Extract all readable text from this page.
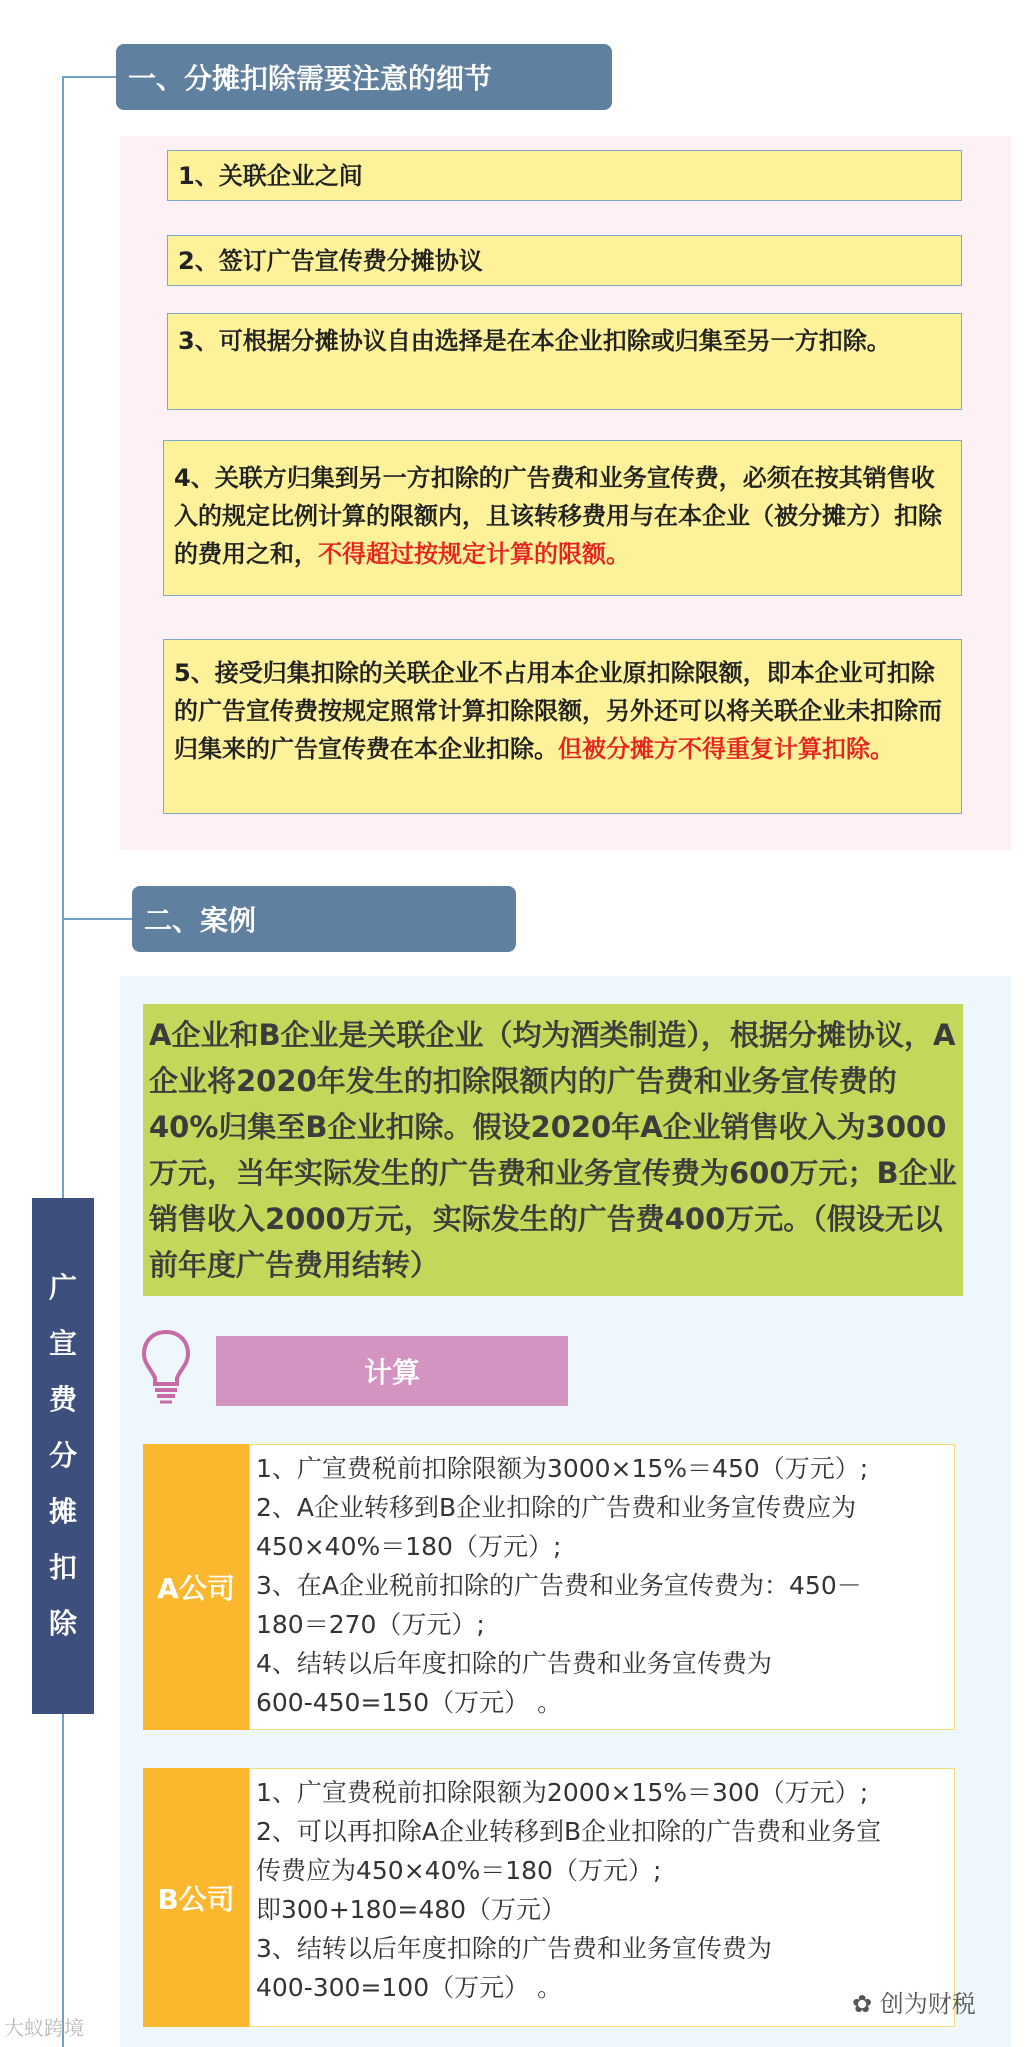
一、分摊扣除需要注意的细节
1、关联企业之间
2、签订广告宣传费分摊协议
3、可根据分摊协议自由选择是在本企业扣除或归集至另一方扣除。
4、关联方归集到另一方扣除的广告费和业务宣传费，必须在按其销售收入的规定比例计算的限额内，且该转移费用与在本企业（被分摊方）扣除的费用之和，不得超过按规定计算的限额。
5、接受归集扣除的关联企业不占用本企业原扣除限额，即本企业可扣除的广告宣传费按规定照常计算扣除限额，另外还可以将关联企业未扣除而归集来的广告宣传费在本企业扣除。但被分摊方不得重复计算扣除。
二、案例
A企业和B企业是关联企业（均为酒类制造），根据分摊协议，A企业将2020年发生的扣除限额内的广告费和业务宣传费的40%归集至B企业扣除。假设2020年A企业销售收入为3000万元，当年实际发生的广告费和业务宣传费为600万元；B企业销售收入2000万元，实际发生的广告费400万元。（假设无以前年度广告费用结转）
计算
A公司
1、广宣费税前扣除限额为3000×15%＝450（万元）;
2、A企业转移到B企业扣除的广告费和业务宣传费应为
450×40%＝180（万元）;
3、在A企业税前扣除的广告费和业务宣传费为：450－
180＝270（万元）;
4、结转以后年度扣除的广告费和业务宣传费为
600-450=150（万元） 。
B公司
1、广宣费税前扣除限额为2000×15%＝300（万元）;
2、可以再扣除A企业转移到B企业扣除的广告费和业务宣
传费应为450×40%＝180（万元）;
即300+180=480（万元）
3、结转以后年度扣除的广告费和业务宣传费为
400-300=100（万元） 。
广
宣
费
分
摊
扣
除
大蚁跨境
✿ 创为财税
